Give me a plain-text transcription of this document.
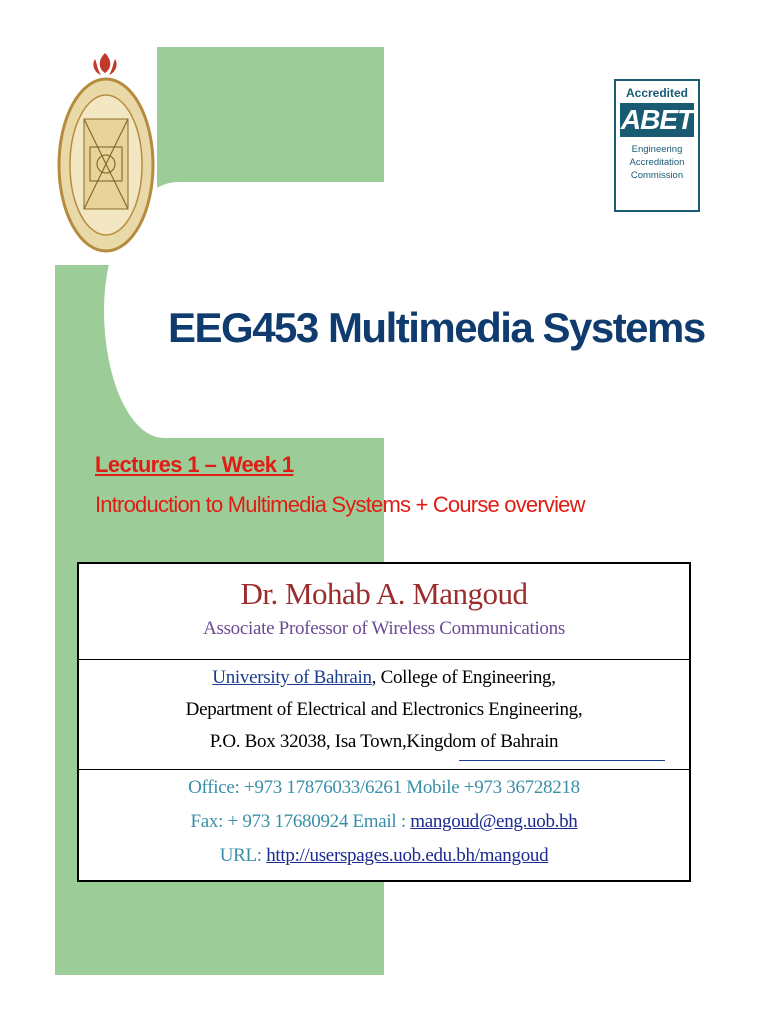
Accredited
ABET
Engineering
Accreditation
Commission
EEG453 Multimedia Systems
Lectures 1 – Week 1
Introduction to Multimedia Systems + Course overview
Dr. Mohab A. Mangoud
Associate Professor of Wireless Communications
University of Bahrain, College of Engineering,
Department of Electrical and Electronics Engineering,
P.O. Box 32038, Isa Town,Kingdom of Bahrain
Office: +973 17876033/6261 Mobile +973 36728218
Fax: + 973 17680924 Email : mangoud@eng.uob.bh
URL: http://userspages.uob.edu.bh/mangoud
